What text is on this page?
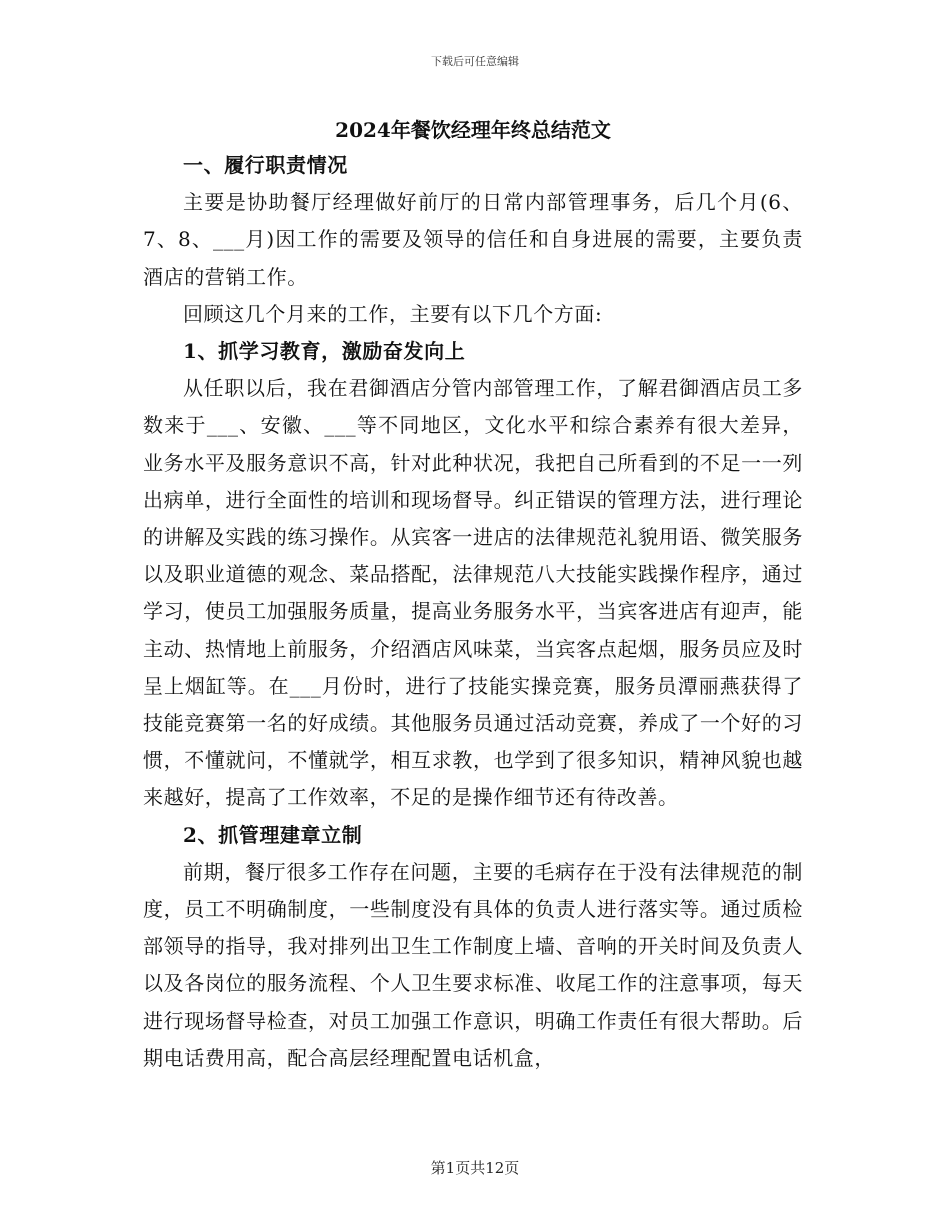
下载后可任意编辑
2024年餐饮经理年终总结范文

一、履行职责情况

主要是协助餐厅经理做好前厅的日常内部管理事务，后几个月(6、7、8、___月)因工作的需要及领导的信任和自身进展的需要，主要负责酒店的营销工作。

回顾这几个月来的工作，主要有以下几个方面:

1、抓学习教育，激励奋发向上

从任职以后，我在君御酒店分管内部管理工作，了解君御酒店员工多数来于___、安徽、___等不同地区，文化水平和综合素养有很大差异，业务水平及服务意识不高，针对此种状况，我把自己所看到的不足一一列出病单，进行全面性的培训和现场督导。纠正错误的管理方法，进行理论的讲解及实践的练习操作。从宾客一进店的法律规范礼貌用语、微笑服务以及职业道德的观念、菜品搭配，法律规范八大技能实践操作程序，通过学习，使员工加强服务质量，提高业务服务水平，当宾客进店有迎声，能主动、热情地上前服务，介绍酒店风味菜，当宾客点起烟，服务员应及时呈上烟缸等。在___月份时，进行了技能实操竞赛，服务员潭丽燕获得了技能竞赛第一名的好成绩。其他服务员通过活动竞赛，养成了一个好的习惯，不懂就问，不懂就学，相互求教，也学到了很多知识，精神风貌也越来越好，提高了工作效率，不足的是操作细节还有待改善。

2、抓管理建章立制

前期，餐厅很多工作存在问题，主要的毛病存在于没有法律规范的制度，员工不明确制度，一些制度没有具体的负责人进行落实等。通过质检部领导的指导，我对排列出卫生工作制度上墙、音响的开关时间及负责人以及各岗位的服务流程、个人卫生要求标准、收尾工作的注意事项，每天进行现场督导检查，对员工加强工作意识，明确工作责任有很大帮助。后期电话费用高，配合高层经理配置电话机盒，

第1页共12页
